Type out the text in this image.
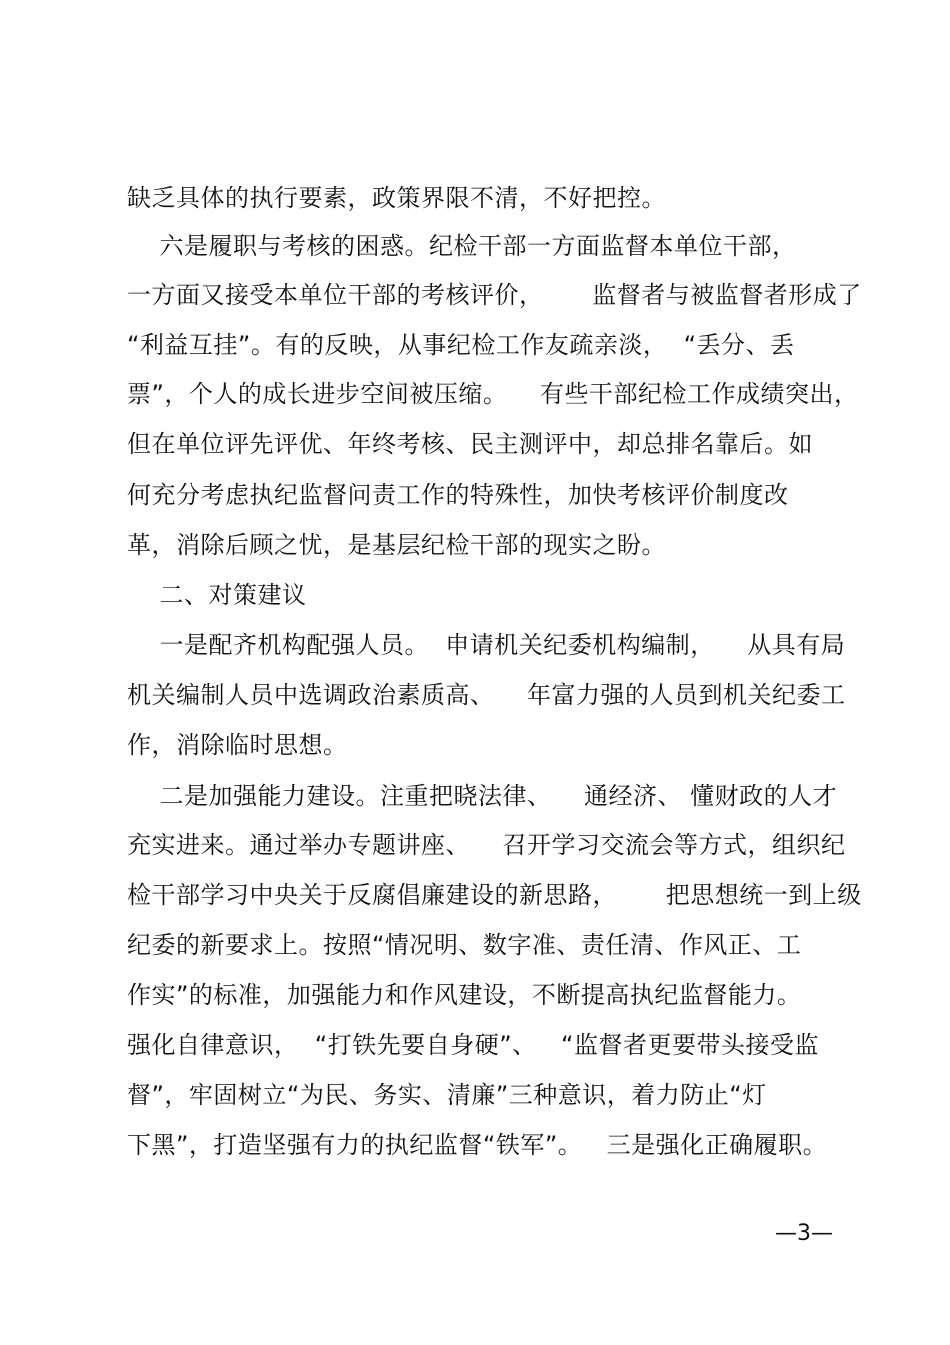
缺乏具体的执行要素，政策界限不清，不好把控。
六是履职与考核的困惑。纪检干部一方面监督本单位干部，
一方面又接受本单位干部的考核评价，      监督者与被监督者形成了
“利益互挂”。有的反映，从事纪检工作友疏亲淡，  “丢分、丢
票”，个人的成长进步空间被压缩。    有些干部纪检工作成绩突出，
但在单位评先评优、年终考核、民主测评中，却总排名靠后。如
何充分考虑执纪监督问责工作的特殊性，加快考核评价制度改
革，消除后顾之忧，是基层纪检干部的现实之盼。
二、对策建议
一是配齐机构配强人员。  申请机关纪委机构编制，    从具有局
机关编制人员中选调政治素质高、    年富力强的人员到机关纪委工
作，消除临时思想。
二是加强能力建设。注重把晓法律、    通经济、 懂财政的人才
充实进来。通过举办专题讲座、    召开学习交流会等方式，组织纪
检干部学习中央关于反腐倡廉建设的新思路，      把思想统一到上级
纪委的新要求上。按照“情况明、数字准、责任清、作风正、工
作实”的标准，加强能力和作风建设，不断提高执纪监督能力。
强化自律意识，  “打铁先要自身硬”、   “监督者更要带头接受监
督”，牢固树立“为民、务实、清廉”三种意识，着力防止“灯
下黑”，打造坚强有力的执纪监督“铁军”。   三是强化正确履职。
—3—
